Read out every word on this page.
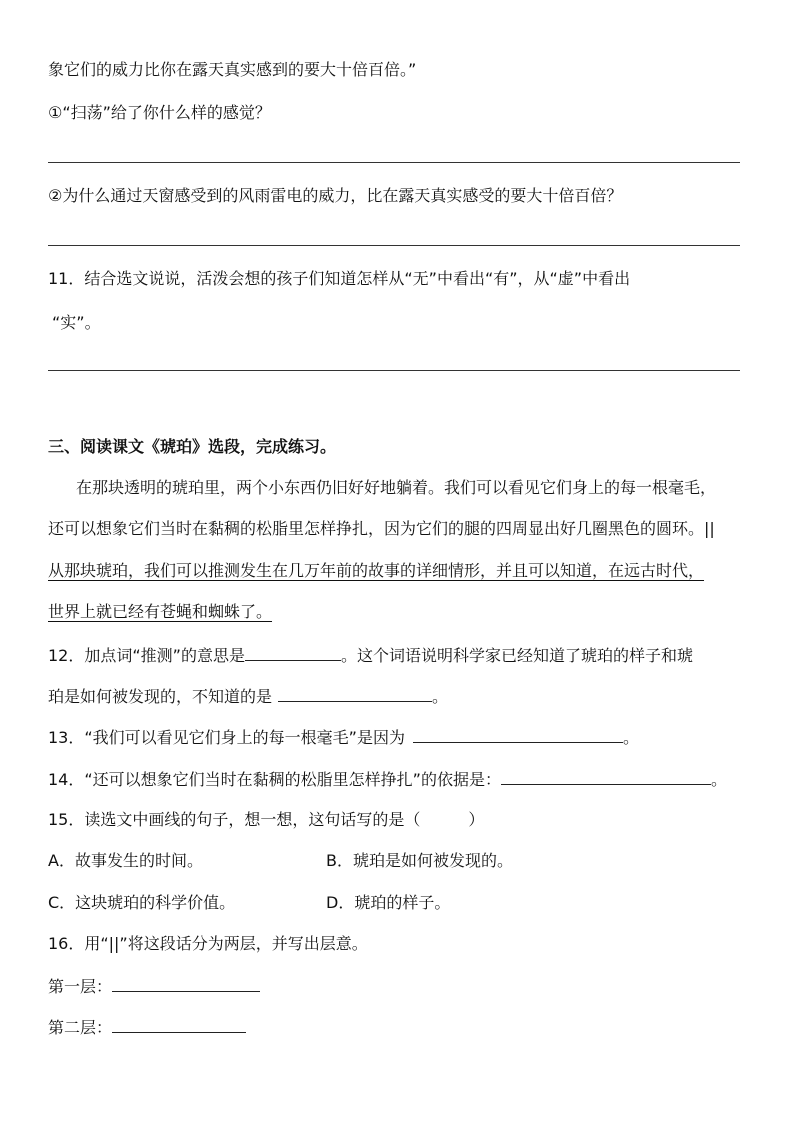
象它们的威力比你在露天真实感到的要大十倍百倍。”
①“扫荡”给了你什么样的感觉？
②为什么通过天窗感受到的风雨雷电的威力，比在露天真实感受的要大十倍百倍？
11．结合选文说说，活泼会想的孩子们知道怎样从“无”中看出“有”，从“虚”中看出
“实”。
三、阅读课文《琥珀》选段，完成练习。
在那块透明的琥珀里，两个小东西仍旧好好地躺着。我们可以看见它们身上的每一根毫毛，
还可以想象它们当时在黏稠的松脂里怎样挣扎，因为它们的腿的四周显出好几圈黑色的圆环。||
从那块琥珀，我们可以推测发生在几万年前的故事的详细情形，并且可以知道，在远古时代，
世界上就已经有苍蝇和蜘蛛了。
12．加点词“推测”的意思是	。这个词语说明科学家已经知道了琥珀的样子和琥
珀是如何被发现的，不知道的是	。
13．“我们可以看见它们身上的每一根毫毛”是因为	。
14．“还可以想象它们当时在黏稠的松脂里怎样挣扎”的依据是：	。
15．读选文中画线的句子，想一想，这句话写的是（　　　）
A．故事发生的时间。	B．琥珀是如何被发现的。
C．这块琥珀的科学价值。	D．琥珀的样子。
16．用“||”将这段话分为两层，并写出层意。
第一层：
第二层：
